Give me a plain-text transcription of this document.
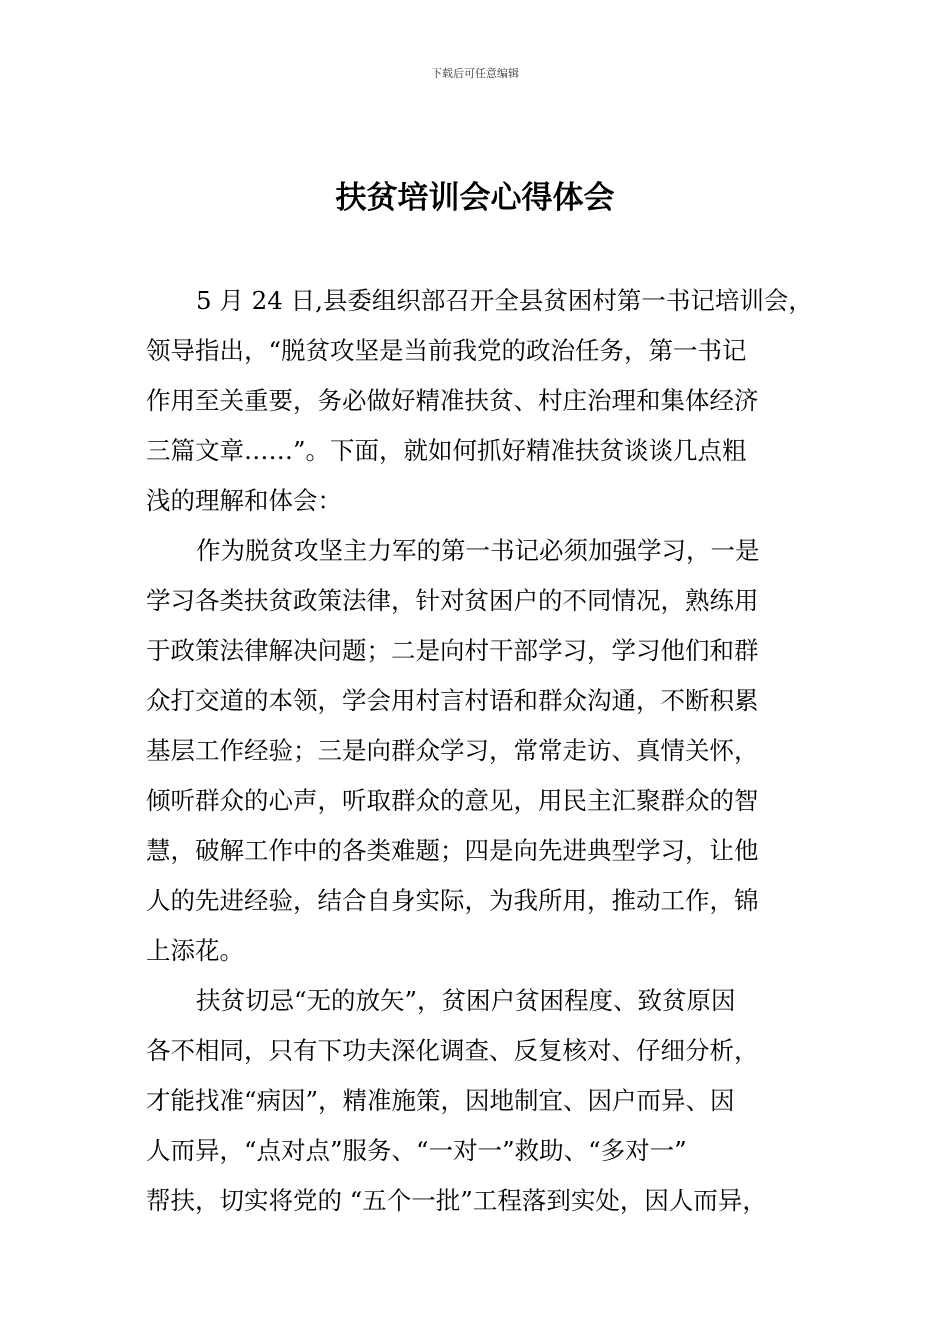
下载后可任意编辑
扶贫培训会心得体会
5 月 24 日,县委组织部召开全县贫困村第一书记培训会，
领导指出，“脱贫攻坚是当前我党的政治任务，第一书记
作用至关重要，务必做好精准扶贫、村庄治理和集体经济
三篇文章……”。下面，就如何抓好精准扶贫谈谈几点粗
浅的理解和体会：
作为脱贫攻坚主力军的第一书记必须加强学习，一是
学习各类扶贫政策法律，针对贫困户的不同情况，熟练用
于政策法律解决问题；二是向村干部学习，学习他们和群
众打交道的本领，学会用村言村语和群众沟通，不断积累
基层工作经验；三是向群众学习，常常走访、真情关怀，
倾听群众的心声，听取群众的意见，用民主汇聚群众的智
慧，破解工作中的各类难题；四是向先进典型学习，让他
人的先进经验，结合自身实际，为我所用，推动工作，锦
上添花。
扶贫切忌“无的放矢”，贫困户贫困程度、致贫原因
各不相同，只有下功夫深化调查、反复核对、仔细分析，
才能找准“病因”，精准施策，因地制宜、因户而异、因
人而异，“点对点”服务、“一对一”救助、“多对一”
帮扶，切实将党的 “五个一批”工程落到实处，因人而异，
